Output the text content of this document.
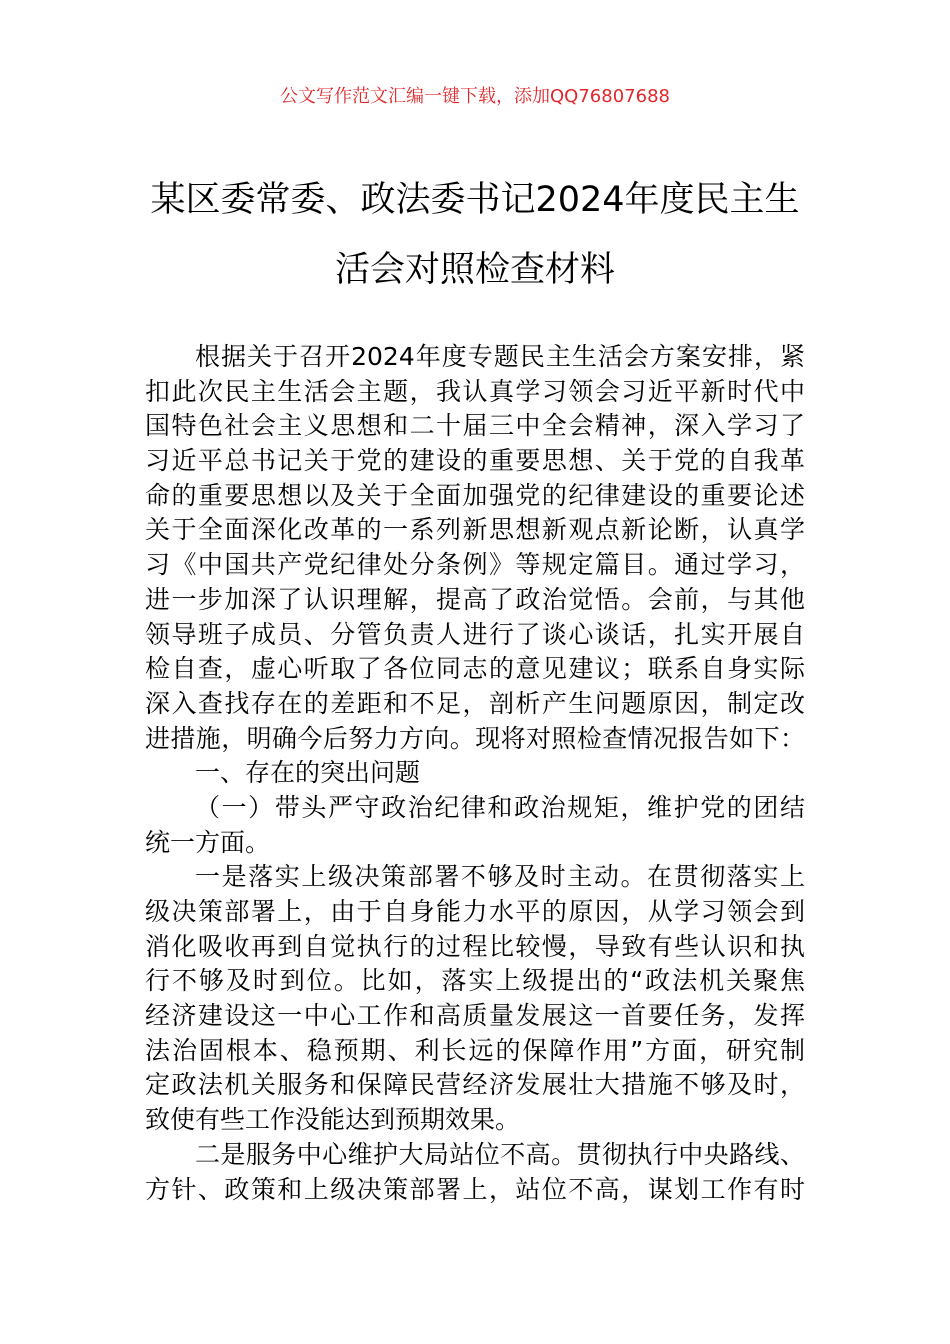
公文写作范文汇编一键下载，添加QQ76807688
某区委常委、政法委书记2024年度民主生
活会对照检查材料
根据关于召开2024年度专题民主生活会方案安排，紧
扣此次民主生活会主题，我认真学习领会习近平新时代中
国特色社会主义思想和二十届三中全会精神，深入学习了
习近平总书记关于党的建设的重要思想、关于党的自我革
命的重要思想以及关于全面加强党的纪律建设的重要论述
关于全面深化改革的一系列新思想新观点新论断，认真学
习《中国共产党纪律处分条例》等规定篇目。通过学习，
进一步加深了认识理解，提高了政治觉悟。会前，与其他
领导班子成员、分管负责人进行了谈心谈话，扎实开展自
检自查，虚心听取了各位同志的意见建议；联系自身实际
深入查找存在的差距和不足，剖析产生问题原因，制定改
进措施，明确今后努力方向。现将对照检查情况报告如下：
一、存在的突出问题
（一）带头严守政治纪律和政治规矩，维护党的团结
统一方面。
一是落实上级决策部署不够及时主动。在贯彻落实上
级决策部署上，由于自身能力水平的原因，从学习领会到
消化吸收再到自觉执行的过程比较慢，导致有些认识和执
行不够及时到位。比如，落实上级提出的“政法机关聚焦
经济建设这一中心工作和高质量发展这一首要任务，发挥
法治固根本、稳预期、利长远的保障作用”方面，研究制
定政法机关服务和保障民营经济发展壮大措施不够及时，
致使有些工作没能达到预期效果。
二是服务中心维护大局站位不高。贯彻执行中央路线、
方针、政策和上级决策部署上，站位不高，谋划工作有时
